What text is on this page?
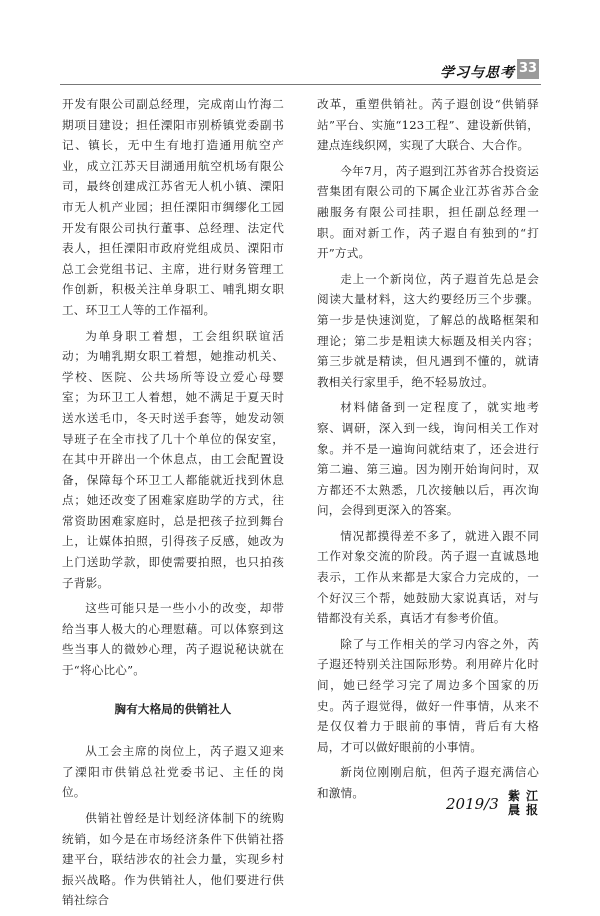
学习与思考 33

开发有限公司副总经理，完成南山竹海二期项目建设；担任溧阳市别桥镇党委副书记、镇长，无中生有地打造通用航空产业，成立江苏天目湖通用航空机场有限公司，最终创建成江苏省无人机小镇、溧阳市无人机产业园；担任溧阳市绸缪化工园开发有限公司执行董事、总经理、法定代表人，担任溧阳市政府党组成员、溧阳市总工会党组书记、主席，进行财务管理工作创新，积极关注单身职工、哺乳期女职工、环卫工人等的工作福利。

为单身职工着想，工会组织联谊活动；为哺乳期女职工着想，她推动机关、学校、医院、公共场所等设立爱心母婴室；为环卫工人着想，她不满足于夏天时送水送毛巾，冬天时送手套等，她发动领导班子在全市找了几十个单位的保安室，在其中开辟出一个休息点，由工会配置设备，保障每个环卫工人都能就近找到休息点；她还改变了困难家庭助学的方式，往常资助困难家庭时，总是把孩子拉到舞台上，让媒体拍照，引得孩子反感，她改为上门送助学款，即使需要拍照，也只拍孩子背影。

这些可能只是一些小小的改变，却带给当事人极大的心理慰藉。可以体察到这些当事人的微妙心理，芮子遐说秘诀就在于“将心比心”。

胸有大格局的供销社人

从工会主席的岗位上，芮子遐又迎来了溧阳市供销总社党委书记、主任的岗位。

供销社曾经是计划经济体制下的统购统销，如今是在市场经济条件下供销社搭建平台，联结涉农的社会力量，实现乡村振兴战略。作为供销社人，他们要进行供销社综合

改革，重塑供销社。芮子遐创设“供销驿站”平台、实施“123工程”、建设新供销，建点连线织网，实现了大联合、大合作。

今年7月，芮子遐到江苏省苏合投资运营集团有限公司的下属企业江苏省苏合金融服务有限公司挂职，担任副总经理一职。面对新工作，芮子遐自有独到的“打开”方式。

走上一个新岗位，芮子遐首先总是会阅读大量材料，这大约要经历三个步骤。第一步是快速浏览，了解总的战略框架和理论；第二步是粗读大标题及相关内容；第三步就是精读，但凡遇到不懂的，就请教相关行家里手，绝不轻易放过。

材料储备到一定程度了，就实地考察、调研，深入到一线，询问相关工作对象。并不是一遍询问就结束了，还会进行第二遍、第三遍。因为刚开始询问时，双方都还不太熟悉，几次接触以后，再次询问，会得到更深入的答案。

情况都摸得差不多了，就进入跟不同工作对象交流的阶段。芮子遐一直诚恳地表示，工作从来都是大家合力完成的，一个好汉三个帮，她鼓励大家说真话，对与错都没有关系，真话才有参考价值。

除了与工作相关的学习内容之外，芮子遐还特别关注国际形势。利用碎片化时间，她已经学习完了周边多个国家的历史。芮子遐觉得，做好一件事情，从来不是仅仅着力于眼前的事情，背后有大格局，才可以做好眼前的小事情。

新岗位刚刚启航，但芮子遐充满信心和激情。

2019/3 紫 江
晨 报
